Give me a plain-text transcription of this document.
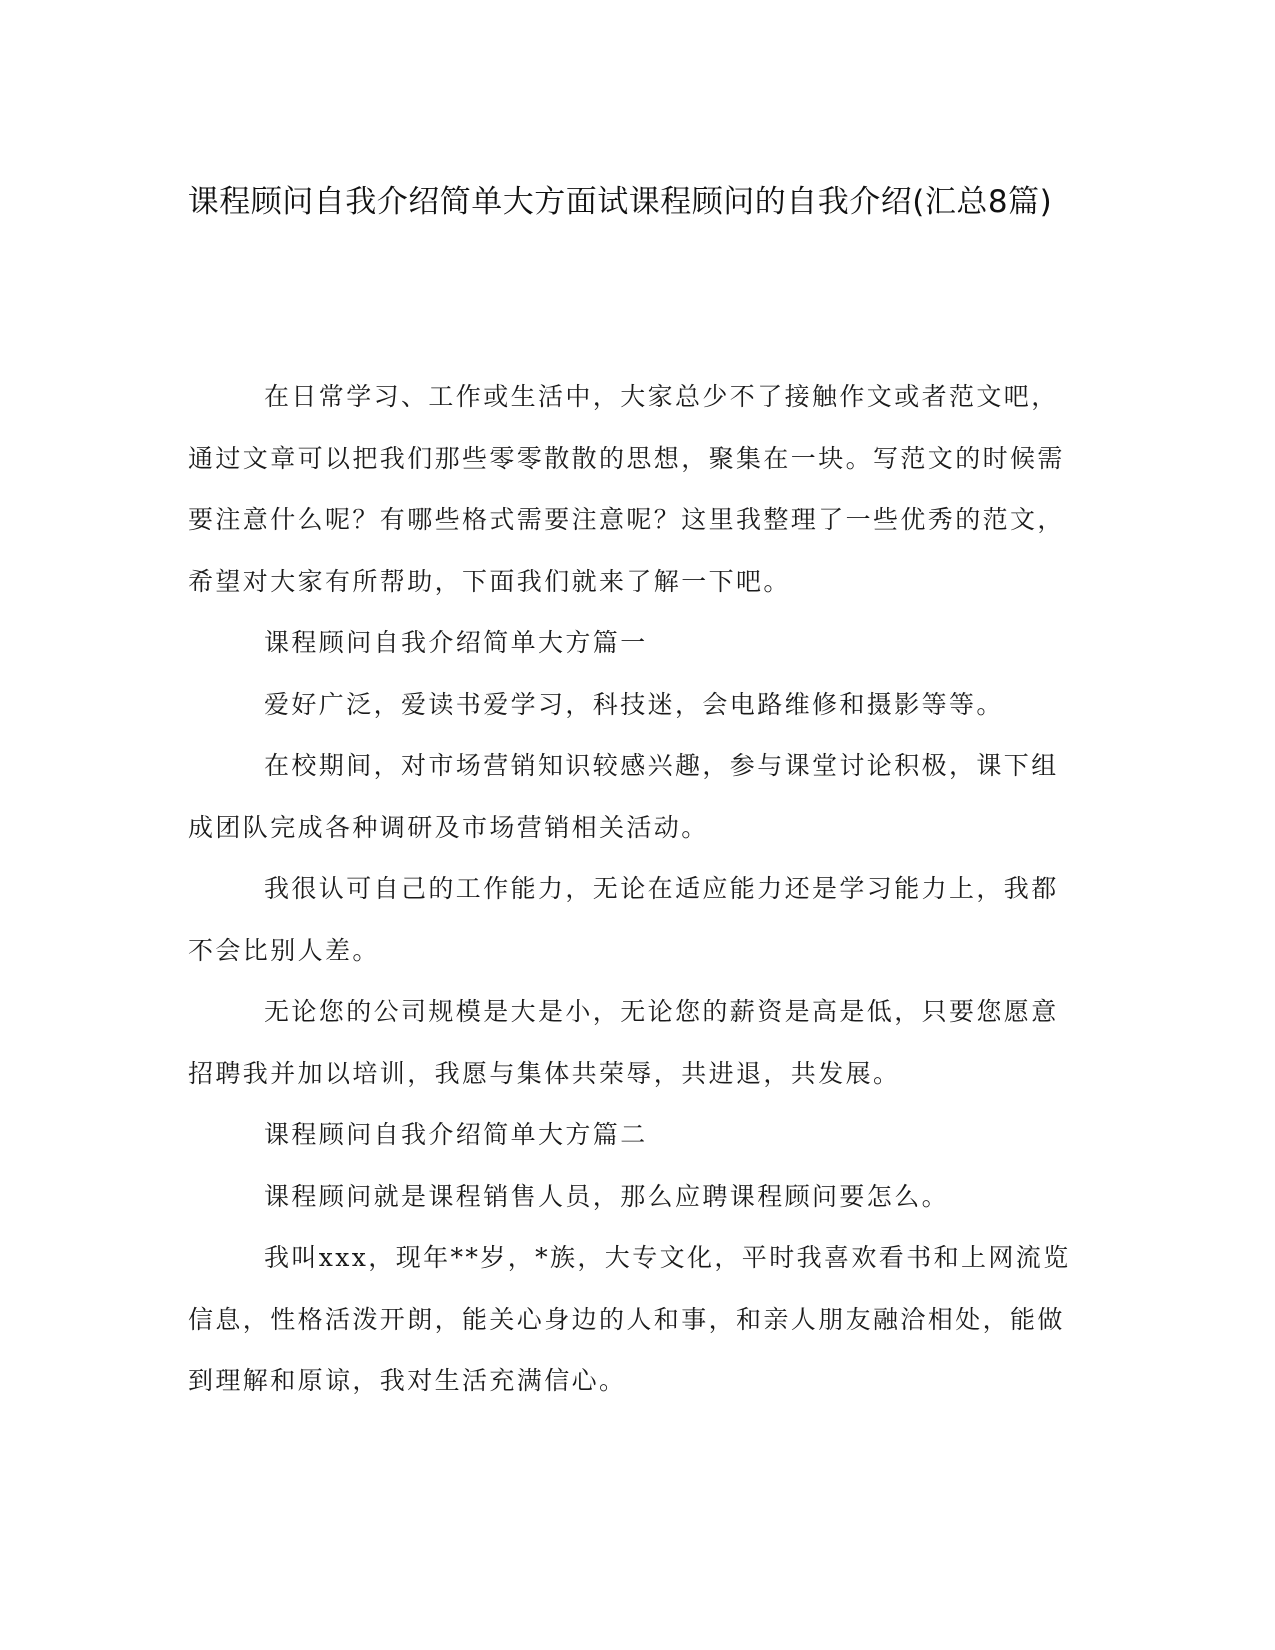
课程顾问自我介绍简单大方面试课程顾问的自我介绍(汇总8篇)

在日常学习、工作或生活中，大家总少不了接触作文或者范文吧，通过文章可以把我们那些零零散散的思想，聚集在一块。写范文的时候需要注意什么呢？有哪些格式需要注意呢？这里我整理了一些优秀的范文，希望对大家有所帮助，下面我们就来了解一下吧。

课程顾问自我介绍简单大方篇一

爱好广泛，爱读书爱学习，科技迷，会电路维修和摄影等等。

在校期间，对市场营销知识较感兴趣，参与课堂讨论积极，课下组成团队完成各种调研及市场营销相关活动。

我很认可自己的工作能力，无论在适应能力还是学习能力上，我都不会比别人差。

无论您的公司规模是大是小，无论您的薪资是高是低，只要您愿意招聘我并加以培训，我愿与集体共荣辱，共进退，共发展。

课程顾问自我介绍简单大方篇二

课程顾问就是课程销售人员，那么应聘课程顾问要怎么。

我叫xxx，现年**岁，*族，大专文化，平时我喜欢看书和上网流览信息，性格活泼开朗，能关心身边的人和事，和亲人朋友融洽相处，能做到理解和原谅，我对生活充满信心。
